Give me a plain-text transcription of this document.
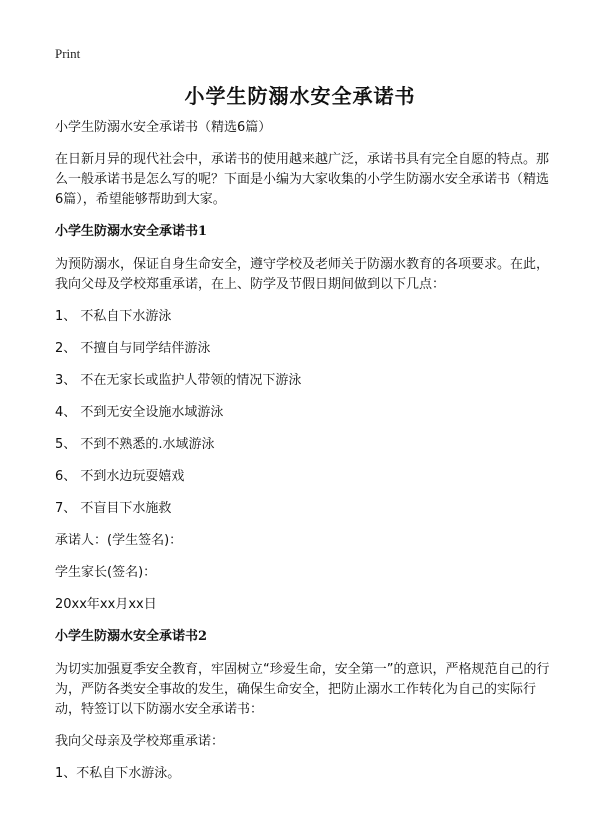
Print
小学生防溺水安全承诺书

小学生防溺水安全承诺书（精选6篇）

在日新月异的现代社会中，承诺书的使用越来越广泛，承诺书具有完全自愿的特点。那么一般承诺书是怎么写的呢？下面是小编为大家收集的小学生防溺水安全承诺书（精选6篇），希望能够帮助到大家。

小学生防溺水安全承诺书1

为预防溺水，保证自身生命安全，遵守学校及老师关于防溺水教育的各项要求。在此，我向父母及学校郑重承诺，在上、防学及节假日期间做到以下几点：

1、 不私自下水游泳

2、 不擅自与同学结伴游泳

3、 不在无家长或监护人带领的情况下游泳

4、 不到无安全设施水域游泳

5、 不到不熟悉的.水域游泳

6、 不到水边玩耍嬉戏

7、 不盲目下水施救

承诺人：(学生签名)：

学生家长(签名)：

20xx年xx月xx日

小学生防溺水安全承诺书2

为切实加强夏季安全教育，牢固树立“珍爱生命，安全第一”的意识，严格规范自己的行为，严防各类安全事故的发生，确保生命安全，把防止溺水工作转化为自己的实际行动，特签订以下防溺水安全承诺书：

我向父母亲及学校郑重承诺：

1、不私自下水游泳。
